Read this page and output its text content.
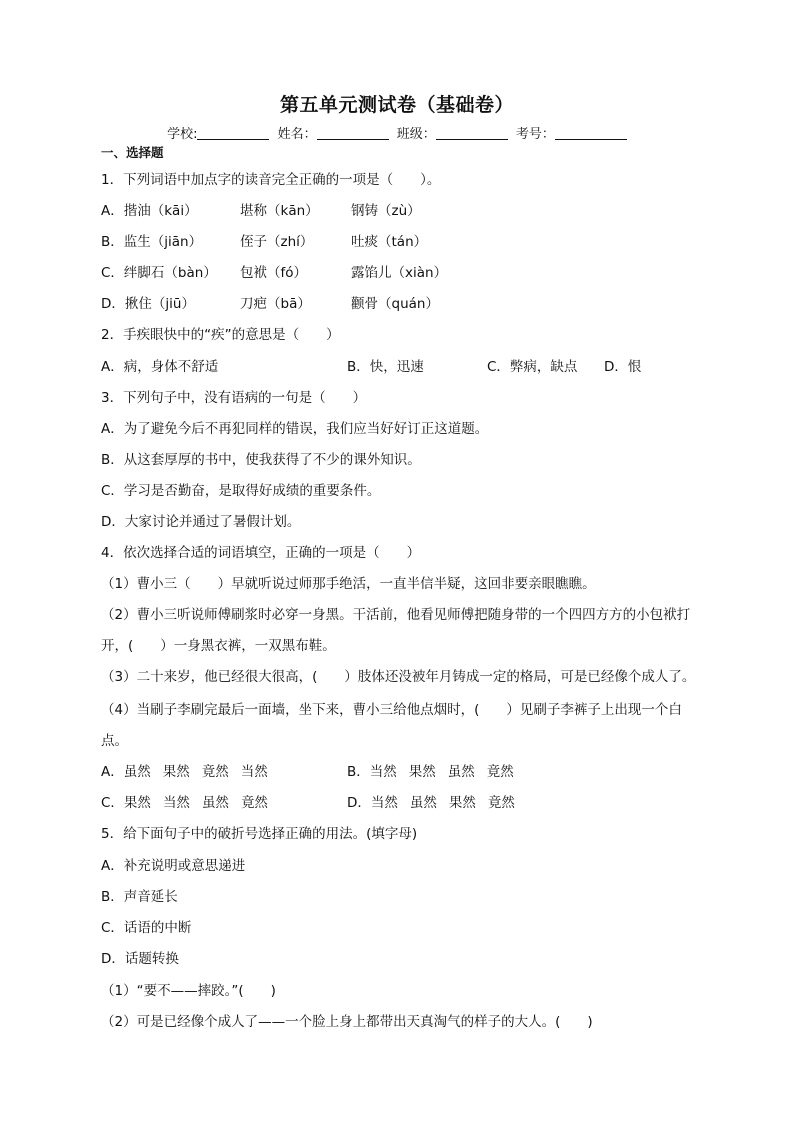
第五单元测试卷（基础卷）
学校:	姓名：	班级：	考号：
一、选择题
1．下列词语中加点字的读音完全正确的一项是（　　）。
A．揩油（kāi）	堪称（kān） 钢铸（zù）
B．监生（jiān）	侄子（zhí）	吐痰（tán）
C．绊脚石（bàn） 包袱（fó）	露馅儿（xiàn）
D．揪住（jiū）	刀疤（bā）	颧骨（quán）
2．手疾眼快中的“疾”的意思是（　　）
A．病，身体不舒适	B．快，迅速	C．弊病，缺点 D．恨
3．下列句子中，没有语病的一句是（　　）
A．为了避免今后不再犯同样的错误，我们应当好好订正这道题。
B．从这套厚厚的书中，使我获得了不少的课外知识。
C．学习是否勤奋，是取得好成绩的重要条件。
D．大家讨论并通过了暑假计划。
4．依次选择合适的词语填空，正确的一项是（　　）
（1）曹小三（　　）早就听说过师那手绝活，一直半信半疑，这回非要亲眼瞧瞧。
（2）曹小三听说师傅刷浆时必穿一身黑。干活前，他看见师傅把随身带的一个四四方方的小包袱打
开，(　　）一身黑衣裤，一双黑布鞋。
（3）二十来岁，他已经很大很高，(　　）肢体还没被年月铸成一定的格局，可是已经像个成人了。
（4）当刷子李刷完最后一面墙，坐下来，曹小三给他点烟时，(　　）见刷子李裤子上出现一个白
点。
A．虽然 果然 竟然 当然	B．当然 果然 虽然 竟然
C．果然 当然 虽然 竟然	D．当然 虽然 果然 竟然
5．给下面句子中的破折号选择正确的用法。(填字母)
A．补充说明或意思递进
B．声音延长
C．话语的中断
D．话题转换
（1）“要不——摔跤。”(　　)
（2）可是已经像个成人了——一个脸上身上都带出天真淘气的样子的大人。(　　)
